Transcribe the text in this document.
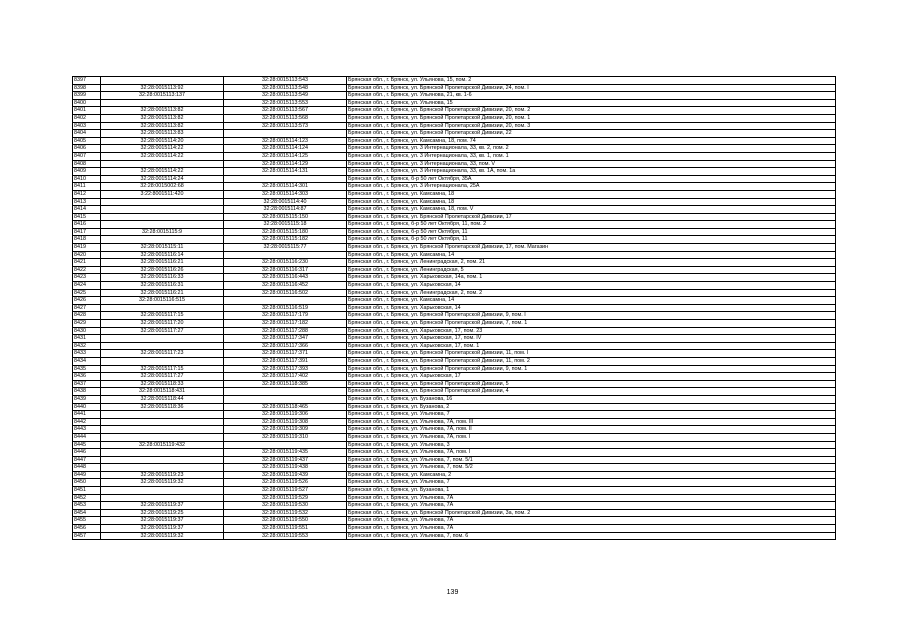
8397		32:28:0015113:543	Брянская обл., г. Брянск, ул. Ульянова, 15, пом. 2
8398	32:28:0015113:92	32:28:0015113:548	Брянская обл., г. Брянск, ул. Брянской Пролетарской Дивизии, 24, пом. I
8399	32:28:0015113:137	32:28:0015113:549	Брянская обл., г. Брянск, ул. Ульянова, 21, кв. 1-6
8400		32:28:0015113:553	Брянская обл., г. Брянск, ул. Ульянова, 15
8401	32:28:0015113:82	32:28:0015113:567	Брянская обл., г. Брянск, ул. Брянской Пролетарской Дивизии, 20, пом. 2
8402	32:28:0015113:82	32:28:0015113:568	Брянская обл., г. Брянск, ул. Брянской Пролетарской Дивизии, 20, пом. 1
8403	32:28:0015113:82	32:28:0015113:573	Брянская обл., г. Брянск, ул. Брянской Пролетарской Дивизии, 20, пом. 3
8404	32:28:0015113:83		Брянская обл., г. Брянск, ул. Брянской Пролетарской Дивизии, 22
8405	32:28:0015114:20	32:28:0015114:123	Брянская обл., г. Брянск, ул. Камсамна, 18, пом. 74
8406	32:28:0015114:22	32:28:0015114:124	Брянская обл., г. Брянск, ул. 3 Интернационала, 33, кв. 2, пом. 2
8407	32:28:0015114:22	32:28:0015114:125	Брянская обл., г. Брянск, ул. 3 Интернационала, 33, кв. 1, пом. 1
8408		32:28:0015114:129	Брянская обл., г. Брянск, ул. 3 Интернационала, 33, пом. V
8409	32:28:0015114:22	32:28:0015114:131	Брянская обл., г. Брянск, ул. 3 Интернационала, 33, кв. 1А, пом. 1а
8410	32:28:0015114:24		Брянская обл., г. Брянск, б-р 50 лет Октября, 35А
8411	32:28:0015002:68	32:28:0015114:301	Брянская обл., г. Брянск, ул. 3 Интернационала, 25А
8412	3:22:8001511:420	32:28:0015114:303	Брянская обл., г. Брянск, ул. Камсамна, 18
8413		32:28:0015114:40	Брянская обл., г. Брянск, ул. Камсамна, 18
8414		32:28:0015114:87	Брянская обл., г. Брянск, ул. Камсамна, 18, пом. V
8415		32:28:0015115:150	Брянская обл., г. Брянск, ул. Брянской Пролетарской Дивизии, 17
8416		32:28:0015115:18	Брянская обл., г. Брянск, б-р 50 лет Октября, 11, пом. 2
8417	32:28:0015115:9	32:28:0015115:180	Брянская обл., г. Брянск, б-р 50 лет Октября, 11
8418		32:28:0015115:182	Брянская обл., г. Брянск, б-р 50 лет Октября, 11
8419	32:28:0015115:11	32:28:0015115:77	Брянская обл., г. Брянск, ул. Брянской Пролетарской Дивизии, 17, пом. Магазин
8420	32:28:0015116:14		Брянская обл., г. Брянск, ул. Камсамна, 14
8421	32:28:0015116:21	32:28:0015116:230	Брянская обл., г. Брянск, ул. Ленинградская, 2, пом. 21
8422	32:28:0015116:26	32:28:0015116:317	Брянская обл., г. Брянск, ул. Ленинградская, 5
8423	32:28:0015116:33	32:28:0015116:443	Брянская обл., г. Брянск, ул. Харьковская, 14а, пом. 1
8424	32:28:0015116:31	32:28:0015116:452	Брянская обл., г. Брянск, ул. Харьковская, 14
8425	32:28:0015116:21	32:28:0015116:502	Брянская обл., г. Брянск, ул. Ленинградская, 2, пом. 2
8426	32:28:0015116:515		Брянская обл., г. Брянск, ул. Камсамна, 14
8427		32:28:0015116:519	Брянская обл., г. Брянск, ул. Харьковская, 14
8428	32:28:0015117:15	32:28:0015117:179	Брянская обл., г. Брянск, ул. Брянской Пролетарской Дивизии, 9, пом. I
8429	32:28:0015117:20	32:28:0015117:182	Брянская обл., г. Брянск, ул. Брянской Пролетарской Дивизии, 7, пом. 1
8430	32:28:0015117:27	32:28:0015117:288	Брянская обл., г. Брянск, ул. Харьковская, 17, пом. 23
8431		32:28:0015117:347	Брянская обл., г. Брянск, ул. Харьковская, 17, пом. IV
8432		32:28:0015117:366	Брянская обл., г. Брянск, ул. Харьковская, 17, пом. 1
8433	32:28:0015117:23	32:28:0015117:371	Брянская обл., г. Брянск, ул. Брянской Пролетарской Дивизии, 11, пом. I
8434		32:28:0015117:391	Брянская обл., г. Брянск, ул. Брянской Пролетарской Дивизии, 11, пом. 2
8435	32:28:0015117:15	32:28:0015117:393	Брянская обл., г. Брянск, ул. Брянской Пролетарской Дивизии, 9, пом. 1
8436	32:28:0015117:27	32:28:0015117:402	Брянская обл., г. Брянск, ул. Харьковская, 17
8437	32:28:0015118:33	32:28:0015118:385	Брянская обл., г. Брянск, ул. Брянской Пролетарской Дивизии, 5
8438	32:28:0015118:431		Брянская обл., г. Брянск, ул. Брянской Пролетарской Дивизии, 4
8439	32:28:0015118:44		Брянская обл., г. Брянск, ул. Бузанова, 16
8440	32:28:0015118:36	32:28:0015118:465	Брянская обл., г. Брянск, ул. Бузанова, 2
8441		32:28:0015119:306	Брянская обл., г. Брянск, ул. Ульянова, 7
8442		32:28:0015119:308	Брянская обл., г. Брянск, ул. Ульянова, 7А, пом. III
8443		32:28:0015119:309	Брянская обл., г. Брянск, ул. Ульянова, 7А, пом. II
8444		32:28:0015119:310	Брянская обл., г. Брянск, ул. Ульянова, 7А, пом. I
8445	32:28:0015119:432		Брянская обл., г. Брянск, ул. Ульянова, 3
8446		32:28:0015119:435	Брянская обл., г. Брянск, ул. Ульянова, 7А, пом. I
8447		32:28:0015119:437	Брянская обл., г. Брянск, ул. Ульянова, 7, пом. 5/1
8448		32:28:0015119:438	Брянская обл., г. Брянск, ул. Ульянова, 7, пом. 5/2
8449	32:28:0015119:23	32:28:0015119:439	Брянская обл., г. Брянск, ул. Камсамна, 2
8450	32:28:0015119:32	32:28:0015119:526	Брянская обл., г. Брянск, ул. Ульянова, 7
8451		32:28:0015119:527	Брянская обл., г. Брянск, ул. Бузанова, 1
8452		32:28:0015119:529	Брянская обл., г. Брянск, ул. Ульянова, 7А
8453	32:28:0015119:37	32:28:0015119:530	Брянская обл., г. Брянск, ул. Ульянова, 7А
8454	32:28:0015119:25	32:28:0015119:532	Брянская обл., г. Брянск, ул. Брянской Пролетарской Дивизии, 3а, пом. 2
8455	32:28:0015119:37	32:28:0015119:550	Брянская обл., г. Брянск, ул. Ульянова, 7А
8456	32:28:0015119:37	32:28:0015119:551	Брянская обл., г. Брянск, ул. Ульянова, 7А
8457	32:28:0015119:32	32:28:0015119:553	Брянская обл., г. Брянск, ул. Ульянова, 7, пом. 6
139
